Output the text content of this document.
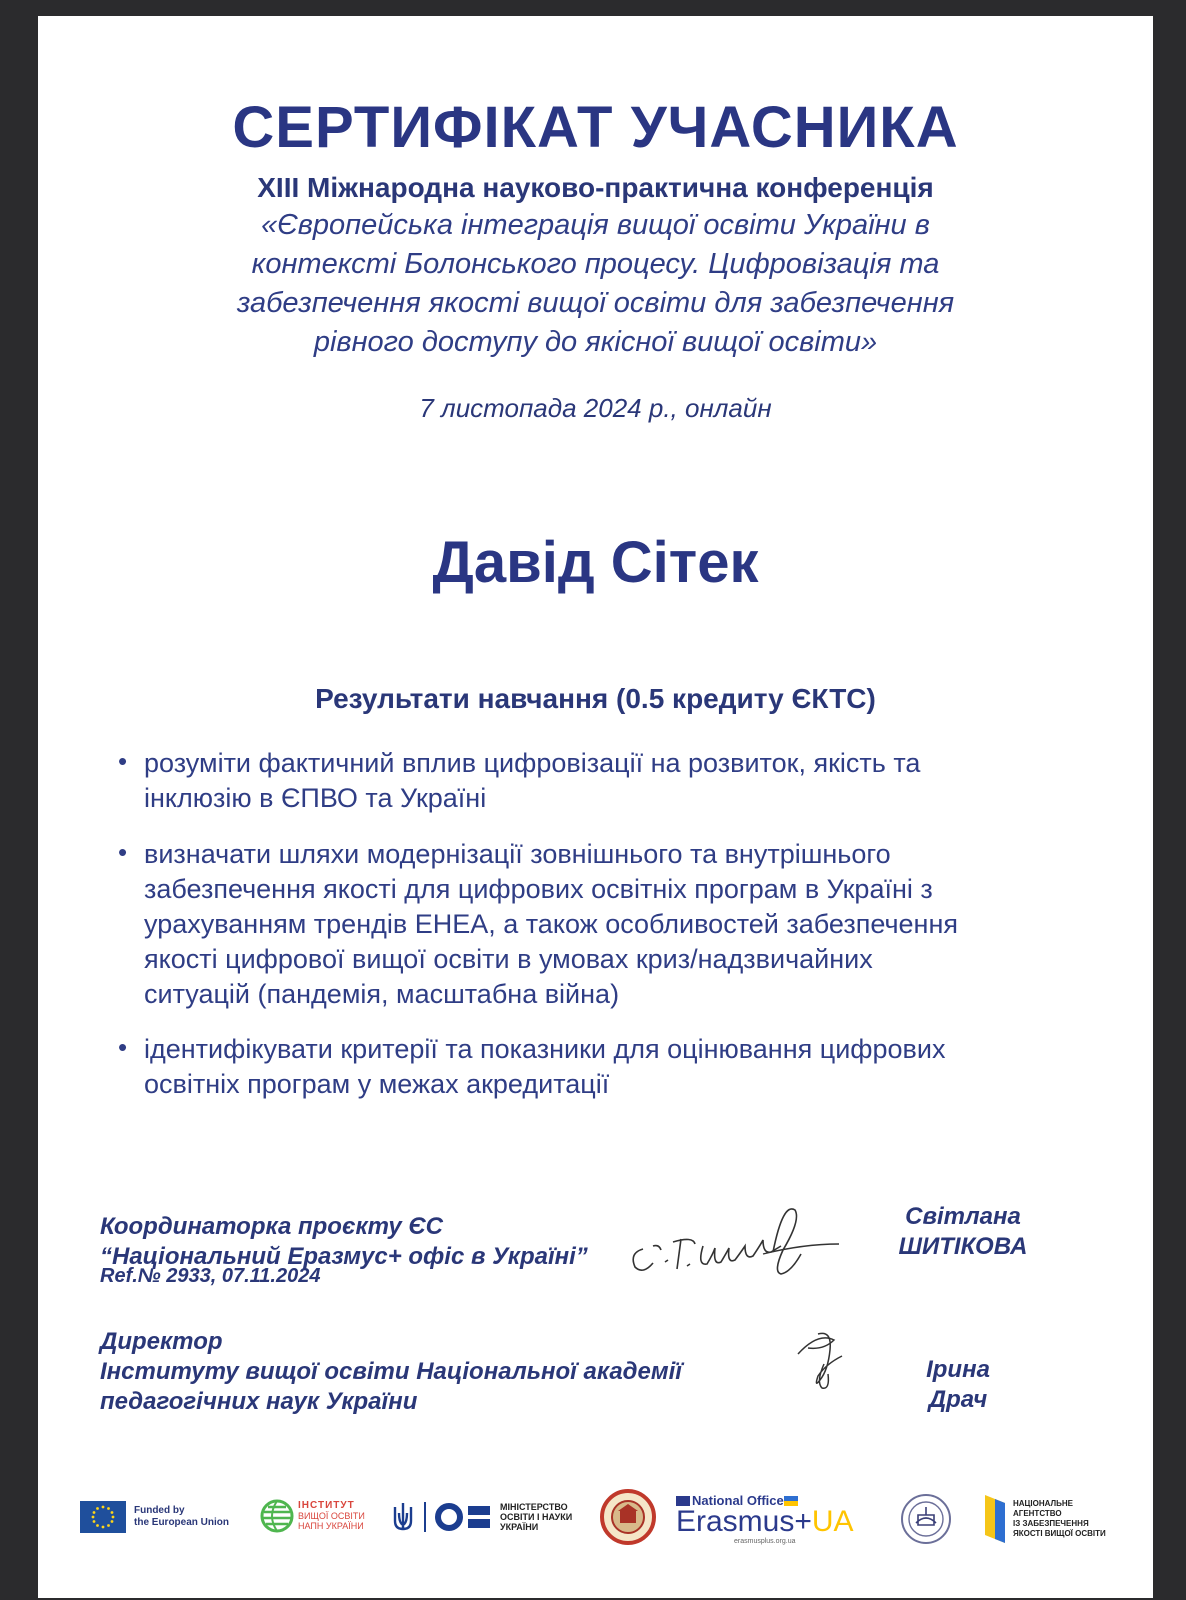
СЕРТИФІКАТ УЧАСНИКА
XIII Міжнародна науково-практична конференція
«Європейська інтеграція вищої освіти України в
контексті Болонського процесу. Цифровізація та
забезпечення якості вищої освіти для забезпечення
рівного доступу до якісної вищої освіти»
7 листопада 2024 р., онлайн
Давід Сітек
Результати навчання (0.5 кредиту ЄКТС)
• розуміти фактичний вплив цифровізації на розвиток, якість та
інклюзію в ЄПВО та Україні
• визначати шляхи модернізації зовнішнього та внутрішнього
забезпечення якості для цифрових освітніх програм в Україні з
урахуванням трендів EHEA, а також особливостей забезпечення
якості цифрової вищої освіти в умовах криз/надзвичайних
ситуацій (пандемія, масштабна війна)
• ідентифікувати критерії та показники для оцінювання цифрових
освітніх програм у межах акредитації
Координаторка проєкту ЄС
“Національний Еразмус+ офіс в Україні”
Світлана
ШИТІКОВА
Ref.№ 2933, 07.11.2024
Директор
Інституту вищої освіти Національної академії
педагогічних наук України
Ірина
Драч
Funded by
the European Union
ІНСТИТУТ
ВИЩОЇ ОСВІТИ
НАПН УКРАЇНИ
МІНІСТЕРСТВО
ОСВІТИ І НАУКИ
УКРАЇНИ
National Office
Erasmus+ UA
erasmusplus.org.ua
НАЦІОНАЛЬНЕ
АГЕНТСТВО
ІЗ ЗАБЕЗПЕЧЕННЯ
ЯКОСТІ ВИЩОЇ ОСВІТИ
